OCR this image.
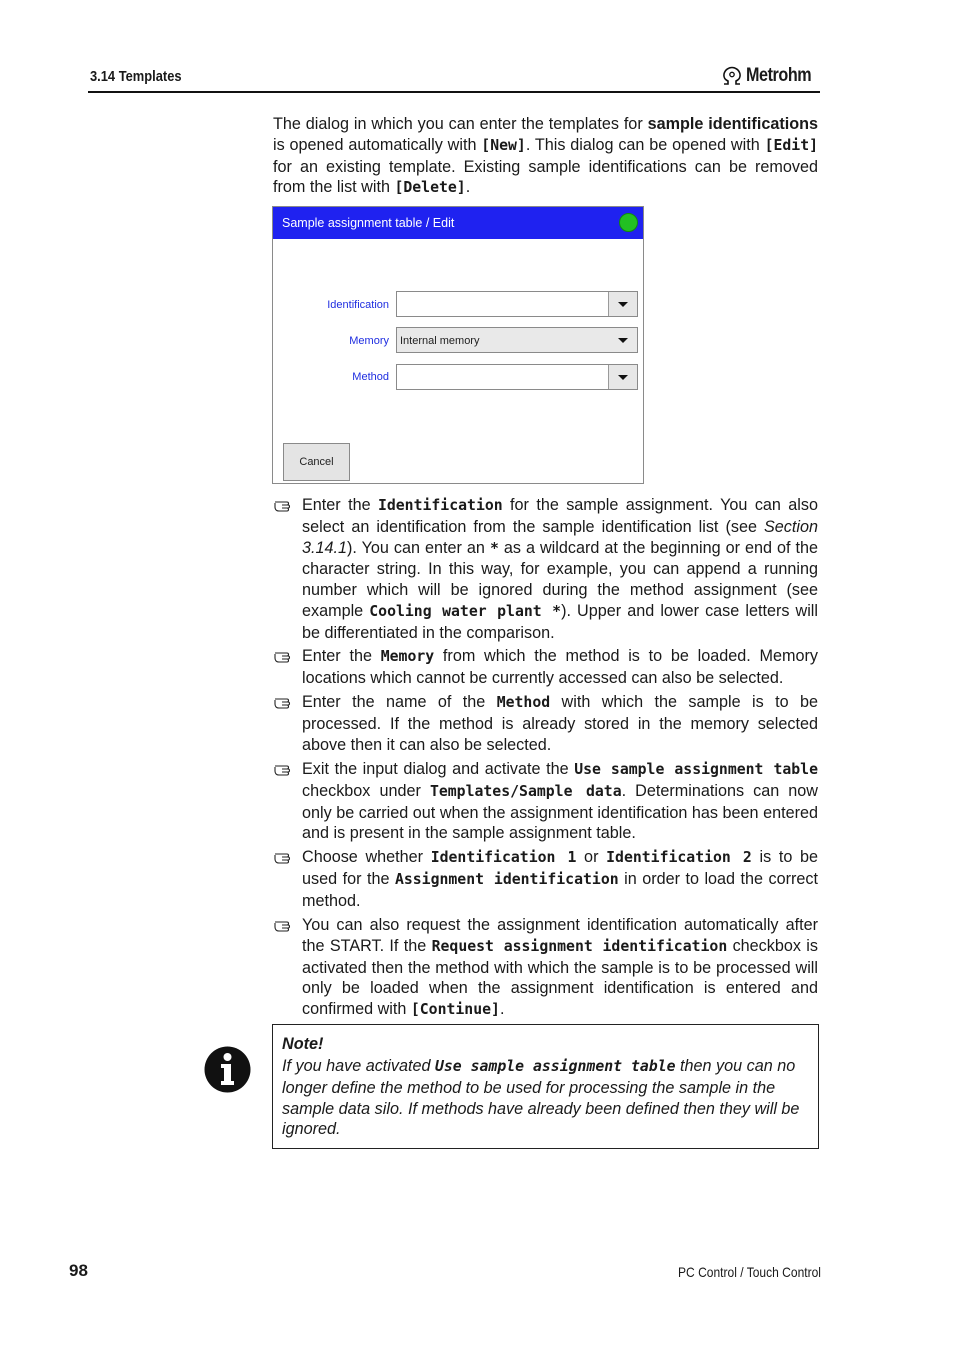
3.14 Templates	Metrohm
The dialog in which you can enter the templates for sample identifications is opened automatically with [New]. This dialog can be opened with [Edit] for an existing template. Existing sample identifications can be removed from the list with [Delete].
Sample assignment table / Edit
Identification
Memory Internal memory
Method
Cancel
Enter the Identification for the sample assignment. You can also select an identification from the sample identification list (see Section 3.14.1). You can enter an * as a wildcard at the beginning or end of the character string. In this way, for example, you can append a running number which will be ignored during the method assignment (see example Cooling water plant *). Upper and lower case letters will be differentiated in the comparison.
Enter the Memory from which the method is to be loaded. Memory locations which cannot be currently accessed can also be selected.
Enter the name of the Method with which the sample is to be processed. If the method is already stored in the memory selected above then it can also be selected.
Exit the input dialog and activate the Use sample assignment table checkbox under Templates/Sample data. Determinations can now only be carried out when the assignment identification has been entered and is present in the sample assignment table.
Choose whether Identification 1 or Identification 2 is to be used for the Assignment identification in order to load the correct method.
You can also request the assignment identification automatically after the START. If the Request assignment identification checkbox is activated then the method with which the sample is to be processed will only be loaded when the assignment identification is entered and confirmed with [Continue].
Note!
If you have activated Use sample assignment table then you can no longer define the method to be used for processing the sample in the sample data silo. If methods have already been defined then they will be ignored.
98	PC Control / Touch Control
